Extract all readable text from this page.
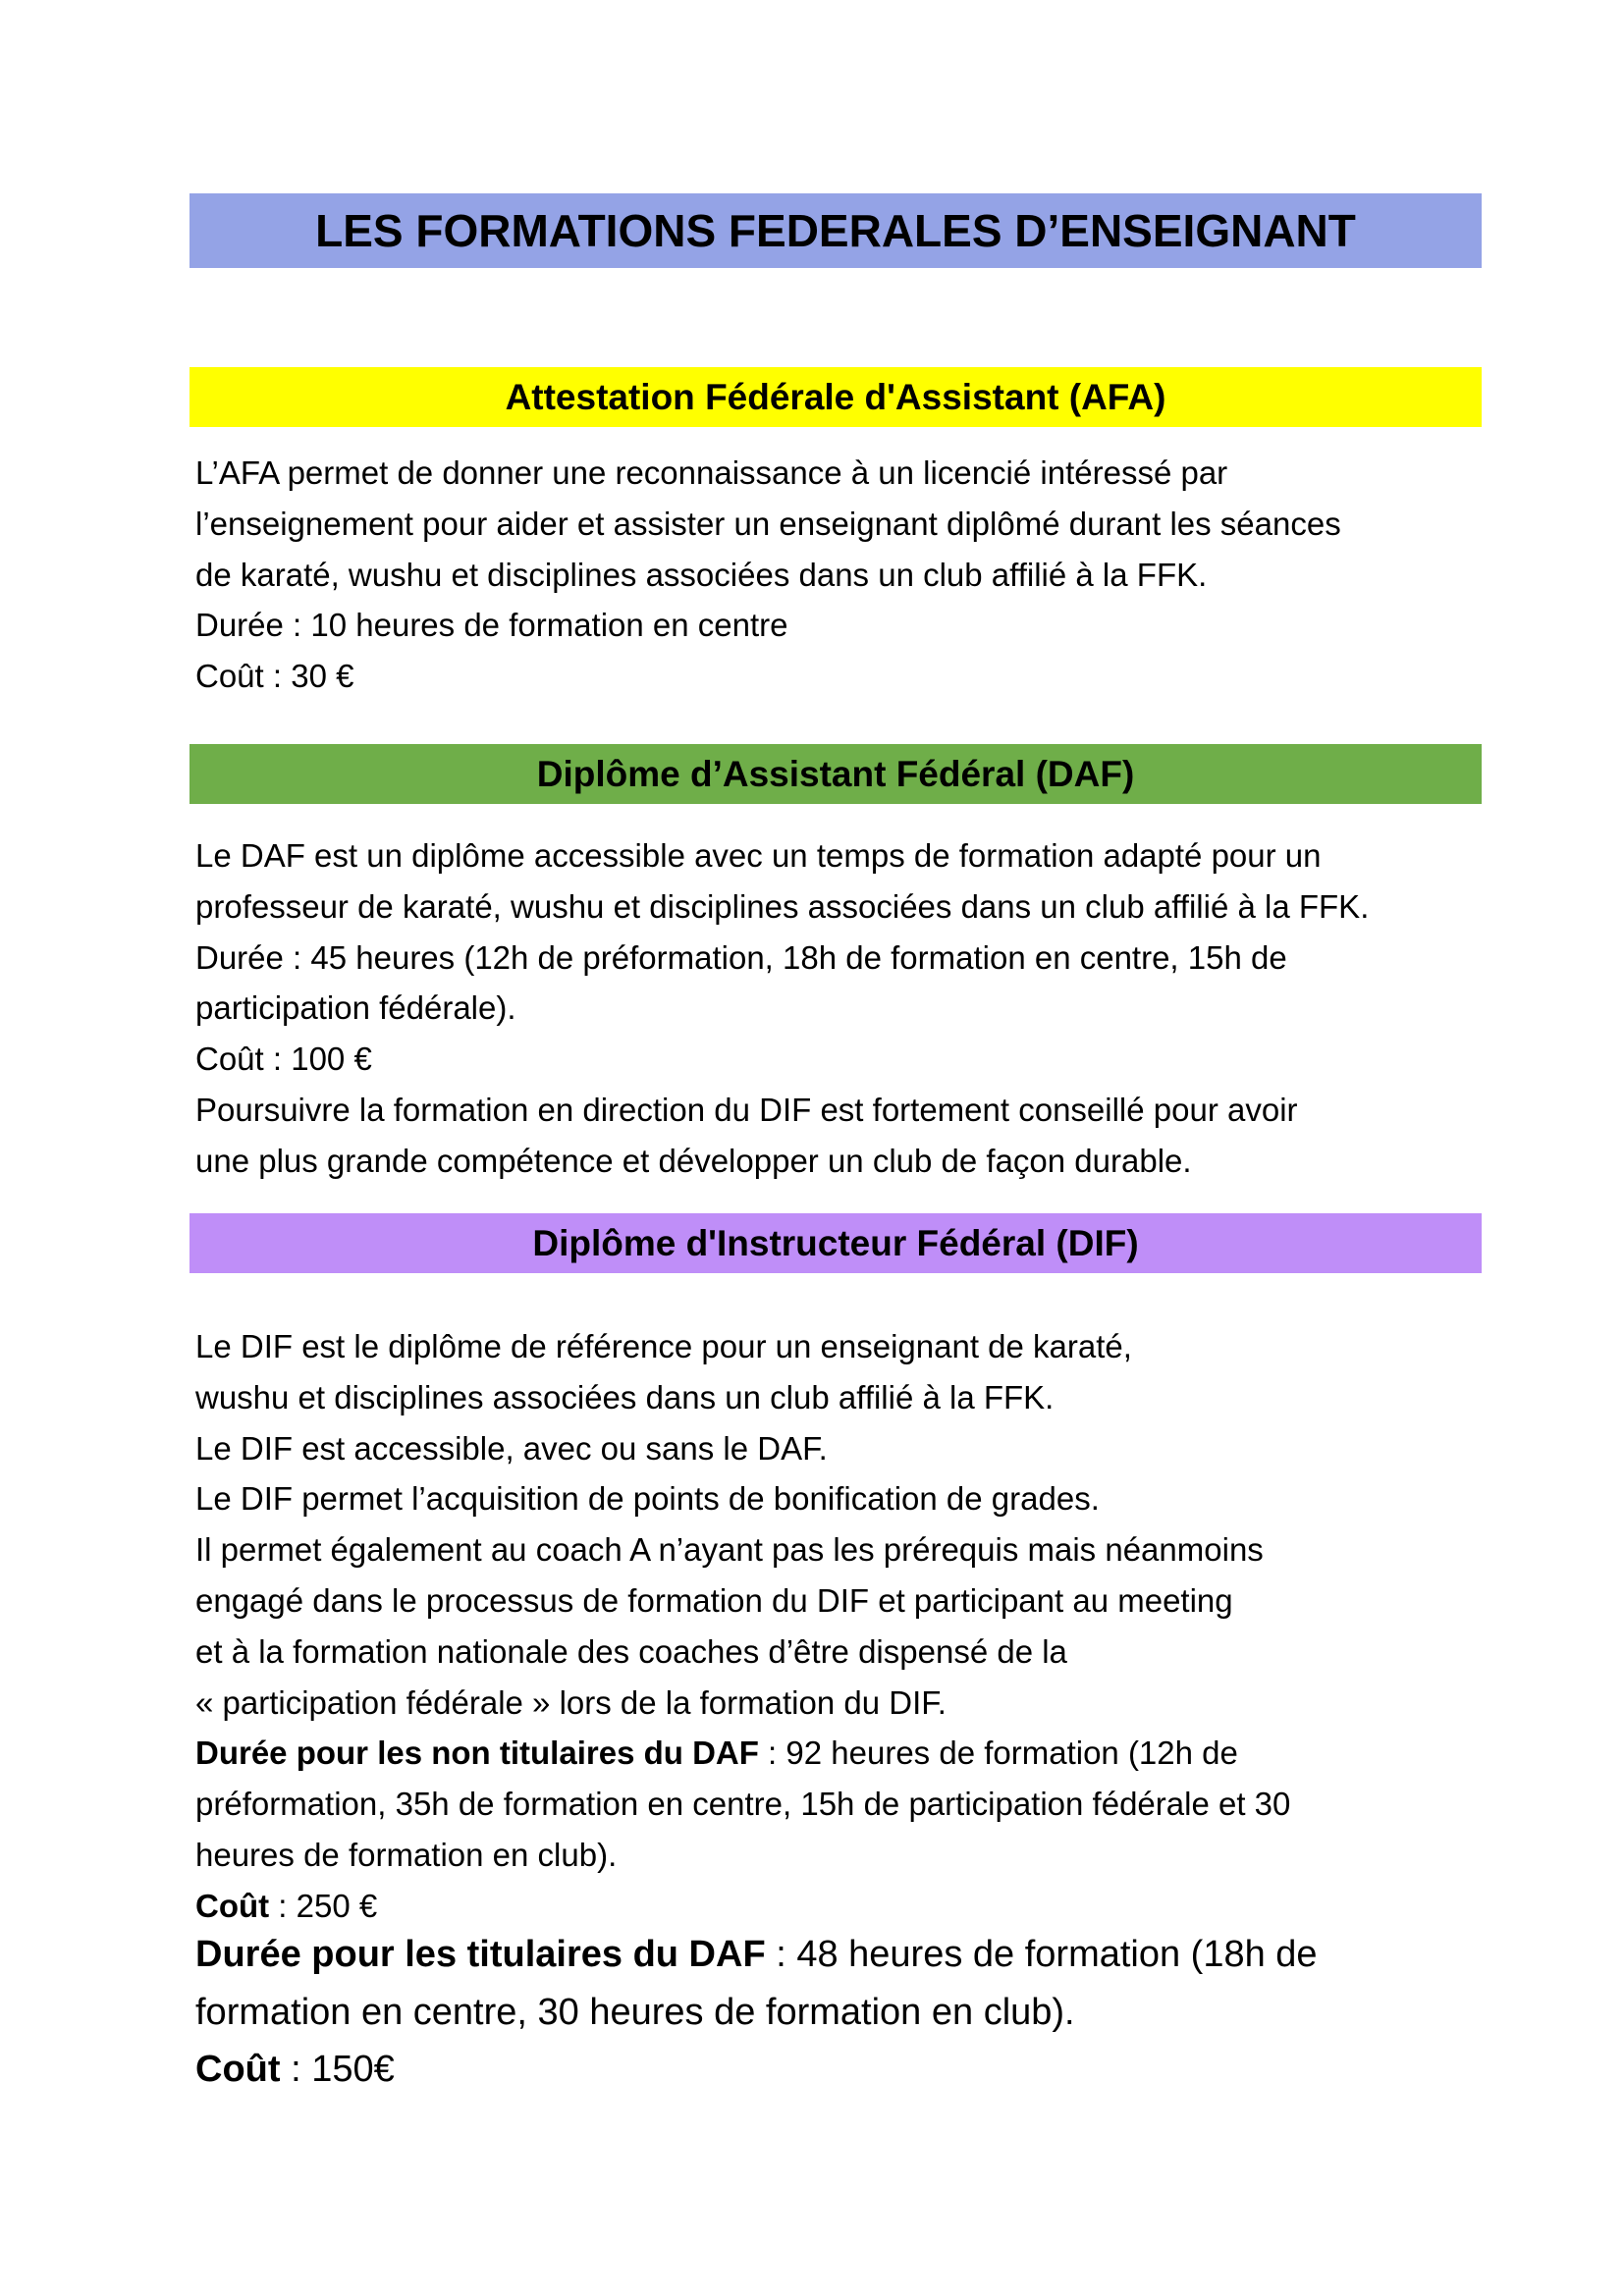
LES FORMATIONS FEDERALES D’ENSEIGNANT
Attestation Fédérale d'Assistant (AFA)

L’AFA permet de donner une reconnaissance à un licencié intéressé par

l’enseignement pour aider et assister un enseignant diplômé durant les séances

de karaté, wushu et disciplines associées dans un club affilié à la FFK.

Durée : 10 heures de formation en centre

Coût : 30 €

Diplôme d’Assistant Fédéral (DAF)

Le DAF est un diplôme accessible avec un temps de formation adapté pour un

professeur de karaté, wushu et disciplines associées dans un club affilié à la FFK.

Durée : 45 heures (12h de préformation, 18h de formation en centre, 15h de

participation fédérale).

Coût : 100 €

Poursuivre la formation en direction du DIF est fortement conseillé pour avoir

une plus grande compétence et développer un club de façon durable.

Diplôme d'Instructeur Fédéral (DIF)

Le DIF est le diplôme de référence pour un enseignant de karaté,

wushu et disciplines associées dans un club affilié à la FFK.

Le DIF est accessible, avec ou sans le DAF.

Le DIF permet l’acquisition de points de bonification de grades.

Il permet également au coach A n’ayant pas les prérequis mais néanmoins

engagé dans le processus de formation du DIF et participant au meeting

et à la formation nationale des coaches d’être dispensé de la

« participation fédérale » lors de la formation du DIF.

Durée pour les non titulaires du DAF : 92 heures de formation (12h de

préformation, 35h de formation en centre, 15h de participation fédérale et 30

heures de formation en club).

Coût : 250 €

Durée pour les titulaires du DAF : 48 heures de formation (18h de

formation en centre, 30 heures de formation en club).

Coût : 150€
